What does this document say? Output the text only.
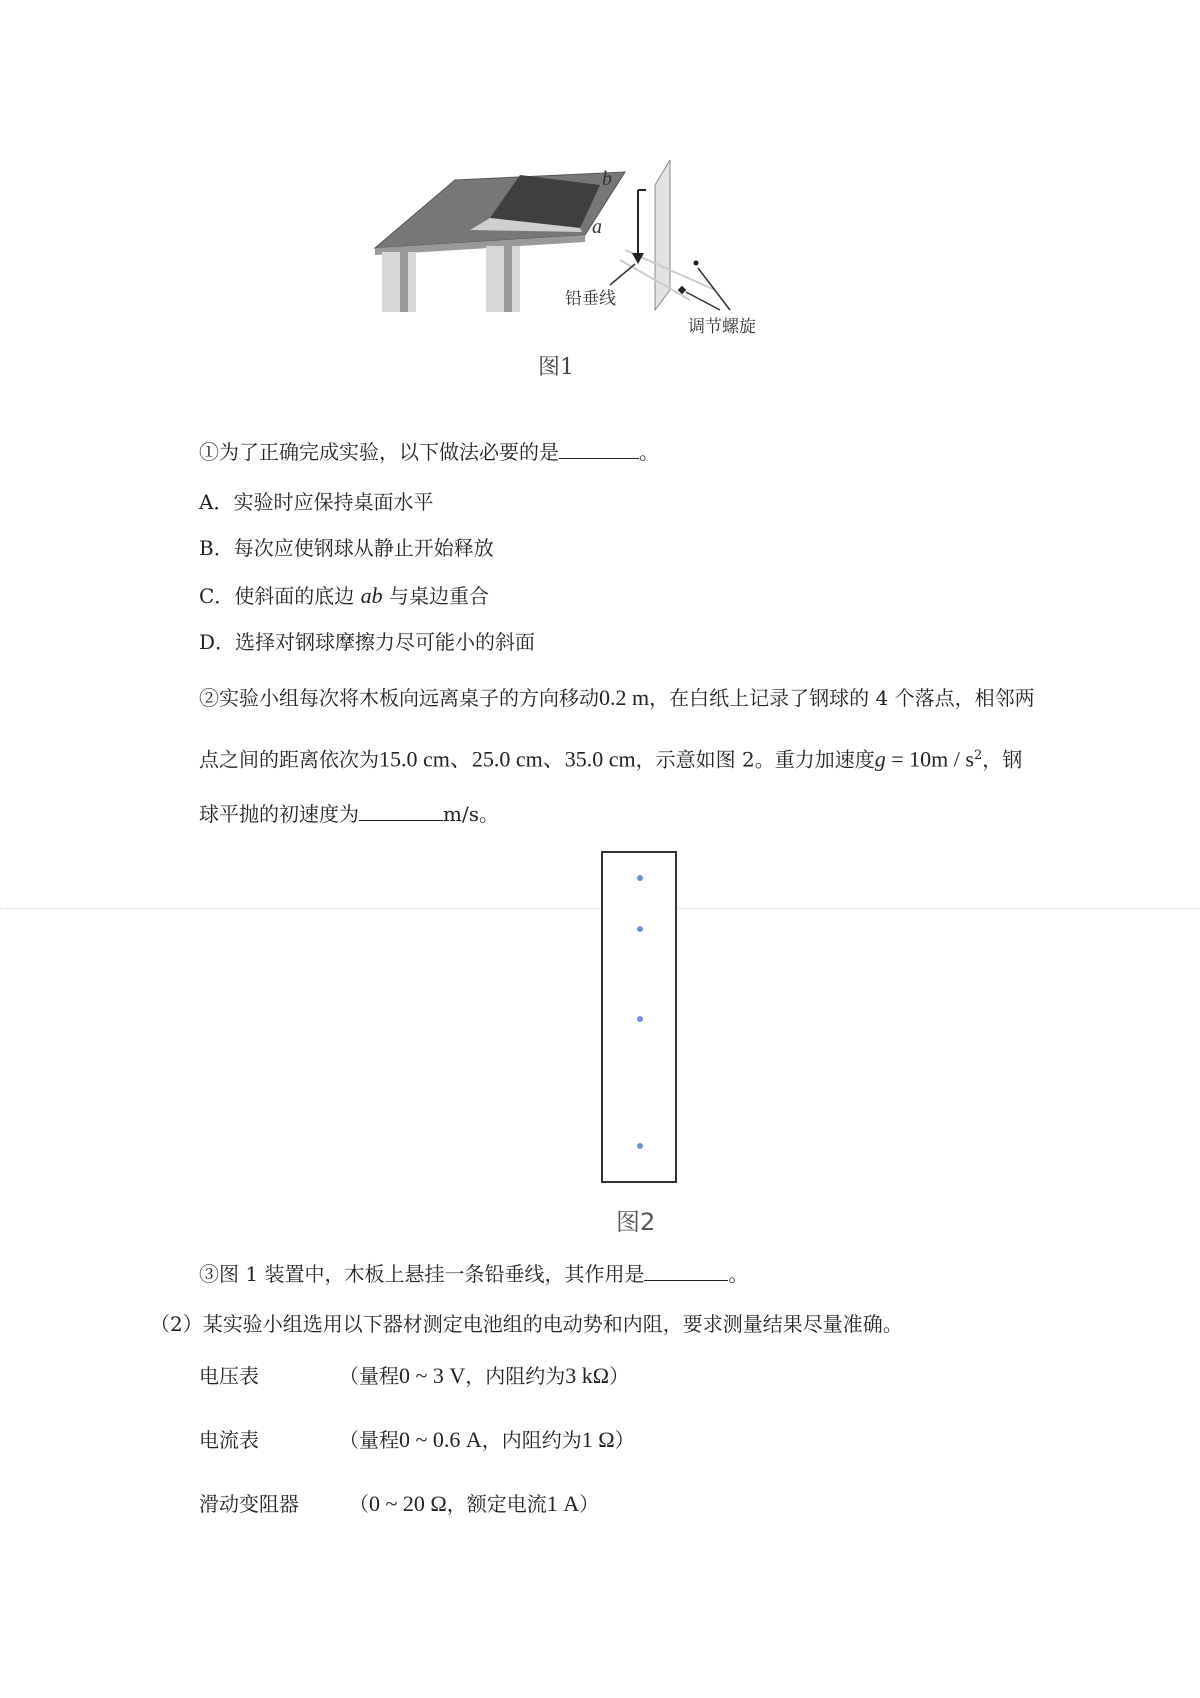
b
a
铅垂线
调节螺旋
图1
①为了正确完成实验，以下做法必要的是	。
A．实验时应保持桌面水平
B．每次应使钢球从静止开始释放
C．使斜面的底边 ab 与桌边重合
D．选择对钢球摩擦力尽可能小的斜面
②实验小组每次将木板向远离桌子的方向移动0.2 m，在白纸上记录了钢球的 4 个落点，相邻两
点之间的距离依次为15.0 cm、25.0 cm、35.0 cm，示意如图 2。重力加速度$g = 10m / s^2$，钢
球平抛的初速度为	m/s。
图2
③图 1 装置中，木板上悬挂一条铅垂线，其作用是	。
（2）某实验小组选用以下器材测定电池组的电动势和内阻，要求测量结果尽量准确。
电压表	（量程0 ~ 3 V，内阻约为3 kΩ）
电流表	（量程0 ~ 0.6 A，内阻约为1 Ω）
滑动变阻器	（0 ~ 20 Ω，额定电流1 A）
